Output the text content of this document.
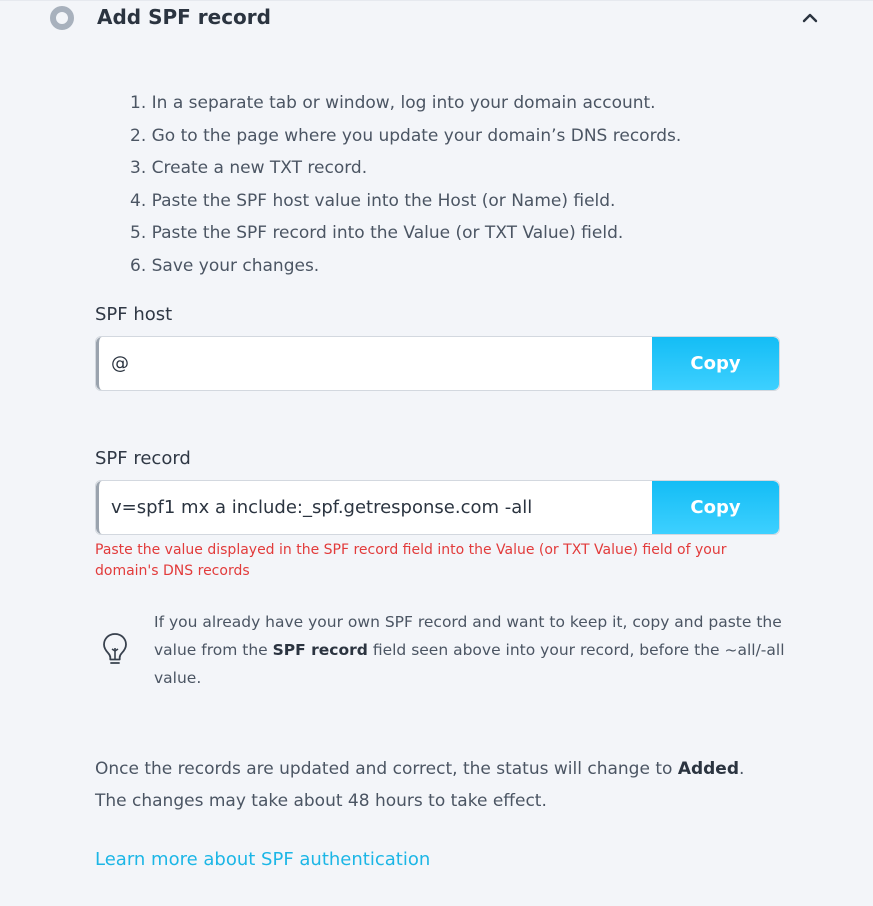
Add SPF record
1. In a separate tab or window, log into your domain account.
2. Go to the page where you update your domain’s DNS records.
3. Create a new TXT record.
4. Paste the SPF host value into the Host (or Name) field.
5. Paste the SPF record into the Value (or TXT Value) field.
6. Save your changes.
SPF host
@
Copy
SPF record
v=spf1 mx a include:_spf.getresponse.com -all
Copy
Paste the value displayed in the SPF record field into the Value (or TXT Value) field of your domain's DNS records
If you already have your own SPF record and want to keep it, copy and paste the value from the SPF record field seen above into your record, before the ~all/-all value.
Once the records are updated and correct, the status will change to Added.
The changes may take about 48 hours to take effect.
Learn more about SPF authentication
